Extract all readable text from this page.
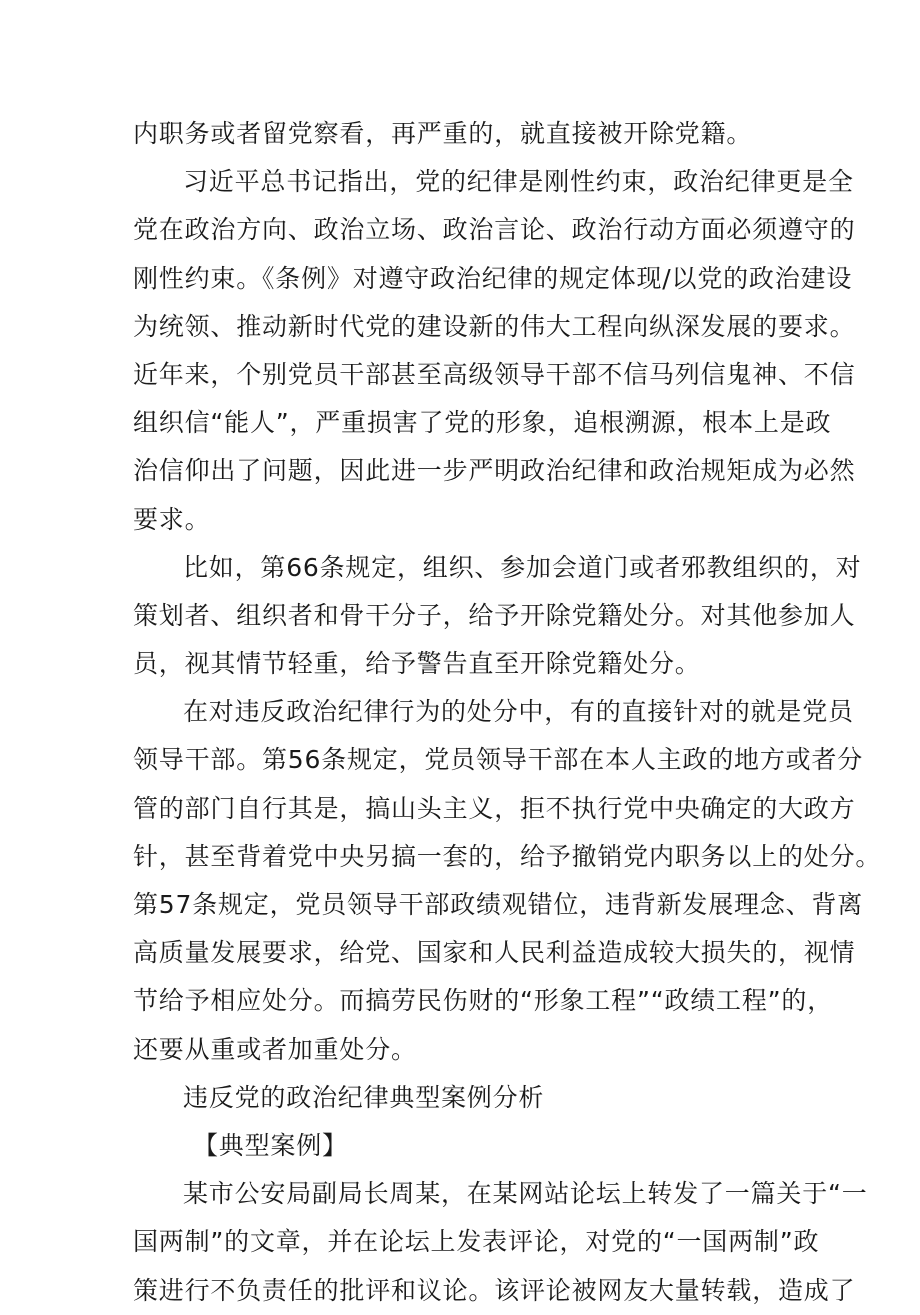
内职务或者留党察看，再严重的，就直接被开除党籍。
习近平总书记指出，党的纪律是刚性约束，政治纪律更是全
党在政治方向、政治立场、政治言论、政治行动方面必须遵守的
刚性约束。《条例》对遵守政治纪律的规定体现/以党的政治建设
为统领、推动新时代党的建设新的伟大工程向纵深发展的要求。
近年来，个别党员干部甚至高级领导干部不信马列信鬼神、不信
组织信“能人”，严重损害了党的形象，追根溯源，根本上是政
治信仰出了问题，因此进一步严明政治纪律和政治规矩成为必然
要求。
比如，第66条规定，组织、参加会道门或者邪教组织的，对
策划者、组织者和骨干分子，给予开除党籍处分。对其他参加人
员，视其情节轻重，给予警告直至开除党籍处分。
在对违反政治纪律行为的处分中，有的直接针对的就是党员
领导干部。第56条规定，党员领导干部在本人主政的地方或者分
管的部门自行其是，搞山头主义，拒不执行党中央确定的大政方
针，甚至背着党中央另搞一套的，给予撤销党内职务以上的处分。
第57条规定，党员领导干部政绩观错位，违背新发展理念、背离
高质量发展要求，给党、国家和人民利益造成较大损失的，视情
节给予相应处分。而搞劳民伤财的“形象工程”“政绩工程”的，
还要从重或者加重处分。
违反党的政治纪律典型案例分析
【典型案例】
某市公安局副局长周某，在某网站论坛上转发了一篇关于“一
国两制”的文章，并在论坛上发表评论，对党的“一国两制”政
策进行不负责任的批评和议论。该评论被网友大量转载，造成了
